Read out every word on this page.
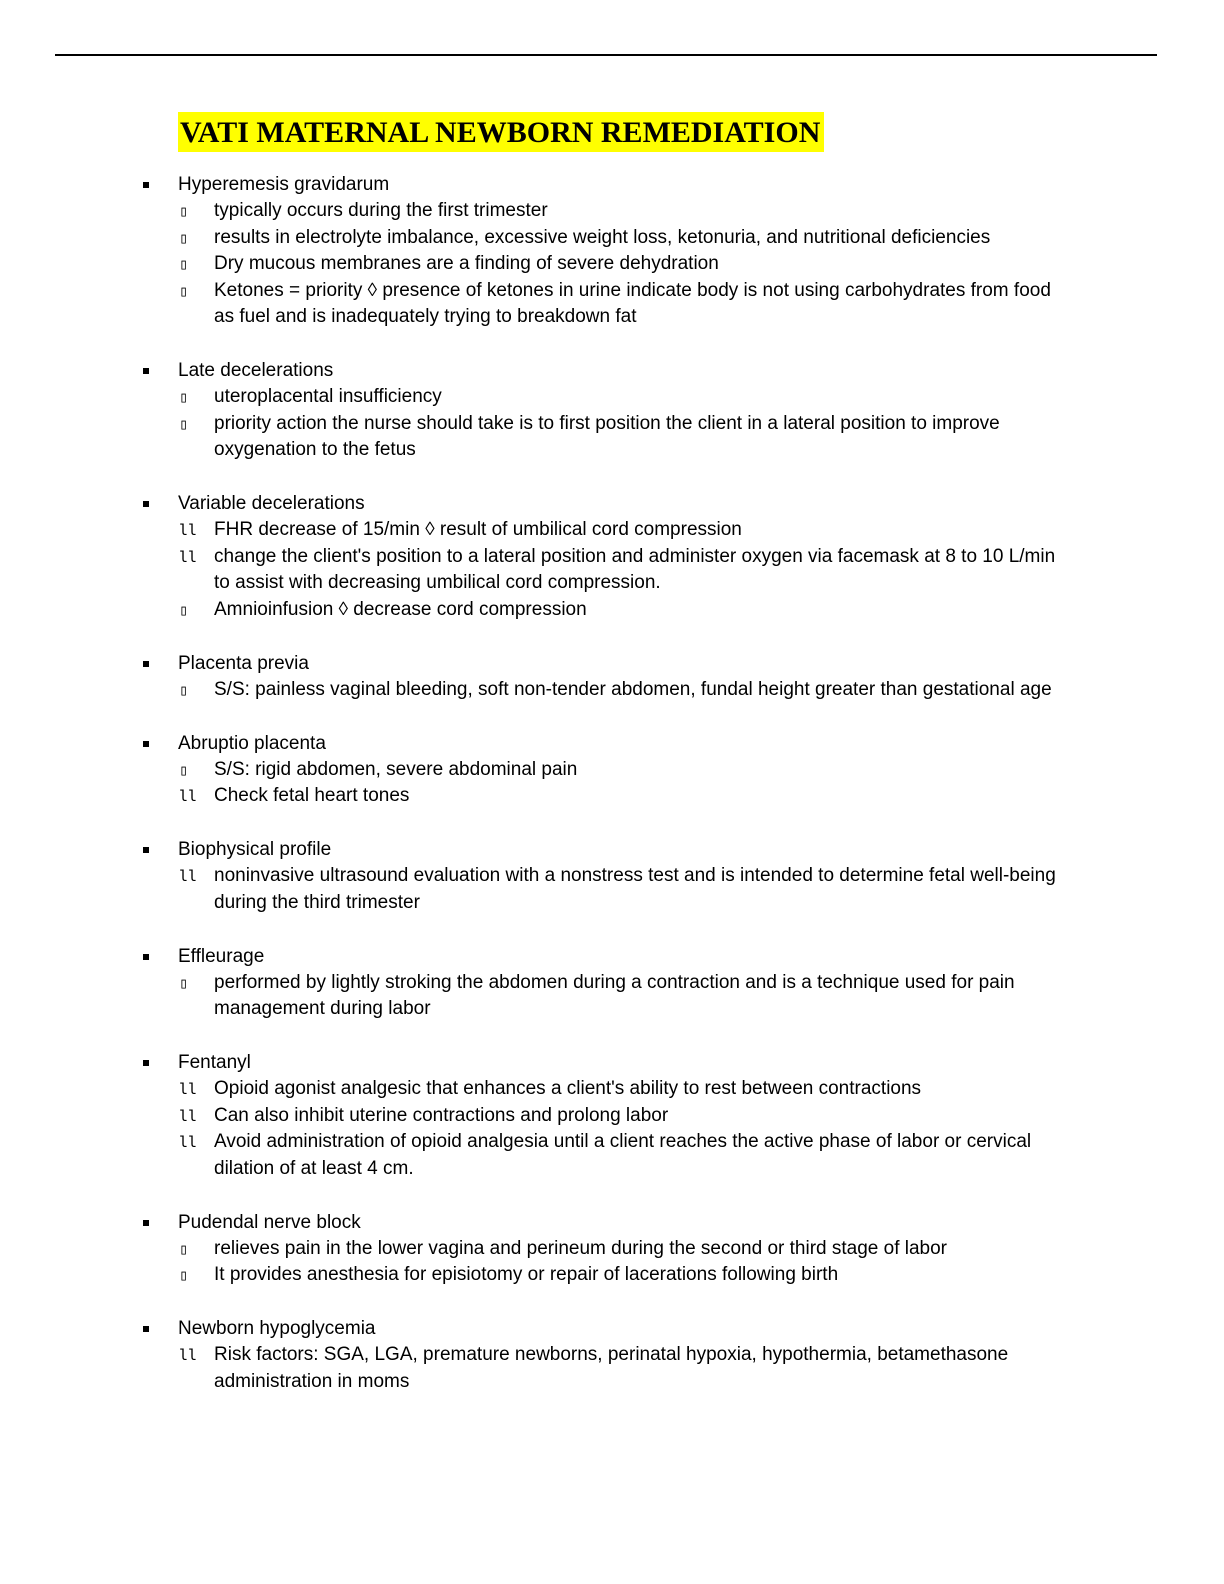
VATI MATERNAL NEWBORN REMEDIATION
Hyperemesis gravidarum
▯ typically occurs during the first trimester
▯ results in electrolyte imbalance, excessive weight loss, ketonuria, and nutritional deficiencies
▯ Dry mucous membranes are a finding of severe dehydration
▯ Ketones = priority ◊ presence of ketones in urine indicate body is not using carbohydrates from food as fuel and is inadequately trying to breakdown fat
Late decelerations
▯ uteroplacental insufficiency
▯ priority action the nurse should take is to first position the client in a lateral position to improve oxygenation to the fetus
Variable decelerations
ll FHR decrease of 15/min ◊ result of umbilical cord compression
ll change the client's position to a lateral position and administer oxygen via facemask at 8 to 10 L/min to assist with decreasing umbilical cord compression.
▯ Amnioinfusion ◊ decrease cord compression
Placenta previa
▯ S/S: painless vaginal bleeding, soft non-tender abdomen, fundal height greater than gestational age
Abruptio placenta
▯ S/S: rigid abdomen, severe abdominal pain
ll Check fetal heart tones
Biophysical profile
ll noninvasive ultrasound evaluation with a nonstress test and is intended to determine fetal well-being during the third trimester
Effleurage
▯ performed by lightly stroking the abdomen during a contraction and is a technique used for pain management during labor
Fentanyl
ll Opioid agonist analgesic that enhances a client's ability to rest between contractions
ll Can also inhibit uterine contractions and prolong labor
ll Avoid administration of opioid analgesia until a client reaches the active phase of labor or cervical dilation of at least 4 cm.
Pudendal nerve block
▯ relieves pain in the lower vagina and perineum during the second or third stage of labor
▯ It provides anesthesia for episiotomy or repair of lacerations following birth
Newborn hypoglycemia
ll Risk factors: SGA, LGA, premature newborns, perinatal hypoxia, hypothermia, betamethasone administration in moms
